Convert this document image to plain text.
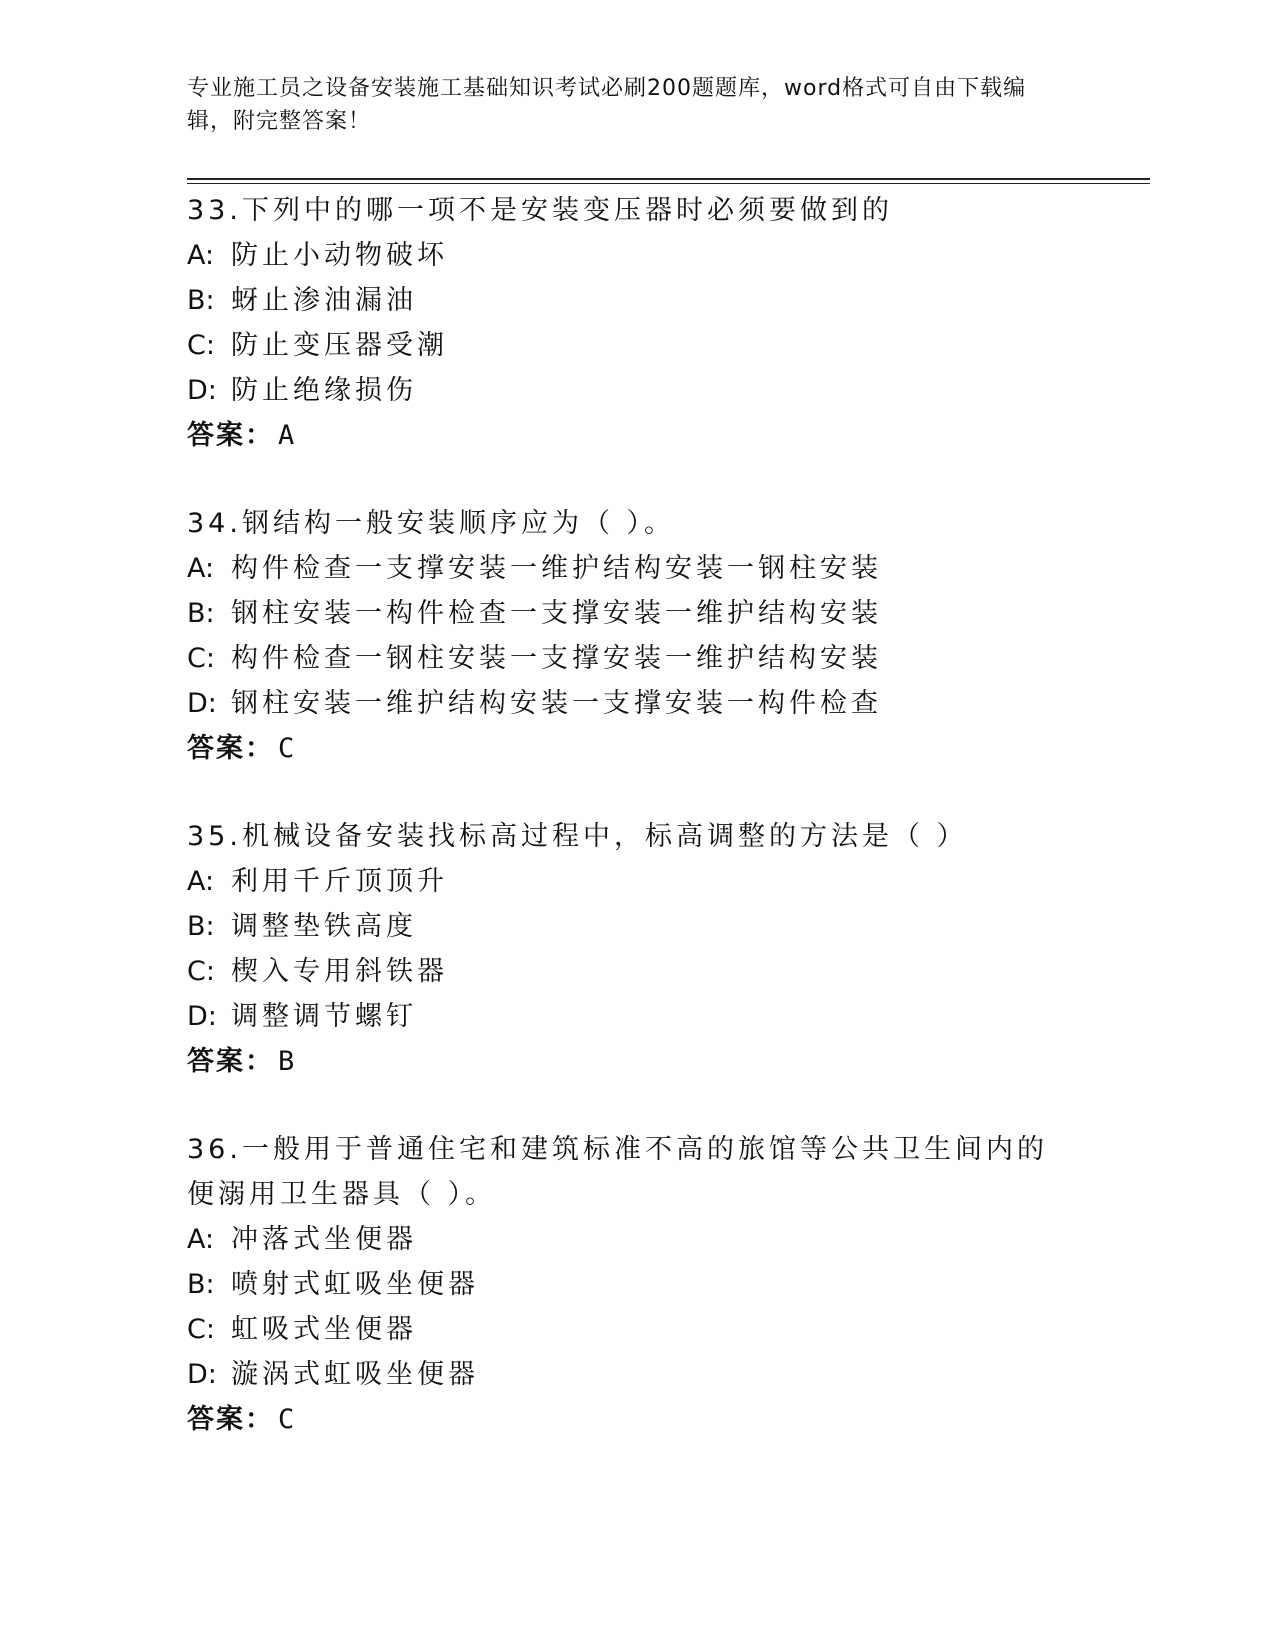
专业施工员之设备安装施工基础知识考试必刷200题题库，word格式可自由下载编辑，附完整答案！
33.下列中的哪一项不是安装变压器时必须要做到的
A: 防止小动物破坏
B: 蚜止渗油漏油
C: 防止变压器受潮
D: 防止绝缘损伤
答案： A
34.钢结构一般安装顺序应为（ ）。
A: 构件检查一支撑安装一维护结构安装一钢柱安装
B: 钢柱安装一构件检查一支撑安装一维护结构安装
C: 构件检查一钢柱安装一支撑安装一维护结构安装
D: 钢柱安装一维护结构安装一支撑安装一构件检查
答案： C
35.机械设备安装找标高过程中，标高调整的方法是（ ）
A: 利用千斤顶顶升
B: 调整垫铁高度
C: 楔入专用斜铁器
D: 调整调节螺钉
答案： B
36.一般用于普通住宅和建筑标准不高的旅馆等公共卫生间内的便溺用卫生器具（ ）。
A: 冲落式坐便器
B: 喷射式虹吸坐便器
C: 虹吸式坐便器
D: 漩涡式虹吸坐便器
答案： C
